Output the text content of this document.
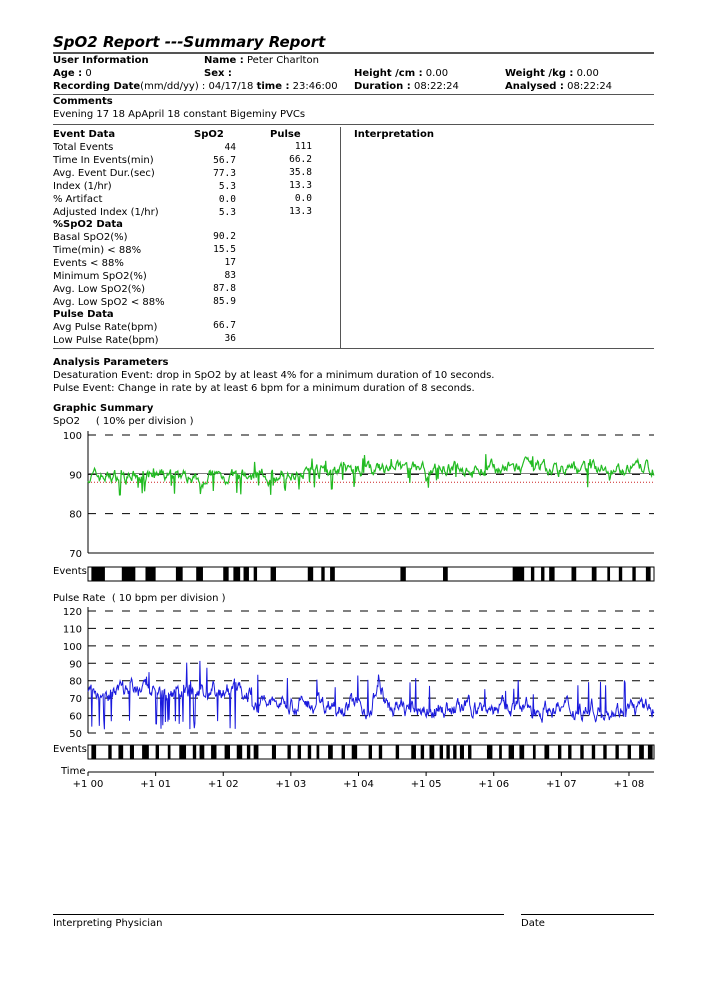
SpO2 Report ---Summary Report
User Information	Name : Peter Charlton
Age : 0	Sex :	Height /cm : 0.00	Weight /kg : 0.00
Recording Date(mm/dd/yy) : 04/17/18 time : 23:46:00 Duration : 08:22:24	Analysed : 08:22:24
Comments
Evening 17 18 ApApril 18 constant Bigeminy PVCs
Event Data	SpO2	Pulse	Interpretation
Total Events	44	111
Time In Events(min)	56.7	66.2
Avg. Event Dur.(sec)	77.3	35.8
Index (1/hr)	5.3	13.3
% Artifact	0.0	0.0
Adjusted Index (1/hr)	5.3	13.3
%SpO2 Data
Basal SpO2(%)	90.2
Time(min) < 88%	15.5
Events < 88%	17
Minimum SpO2(%)	83
Avg. Low SpO2(%)	87.8
Avg. Low SpO2 < 88%	85.9
Pulse Data
Avg Pulse Rate(bpm)	66.7
Low Pulse Rate(bpm)	36
Analysis Parameters
Desaturation Event: drop in SpO2 by at least 4% for a minimum duration of 10 seconds.
Pulse Event: Change in rate by at least 6 bpm for a minimum duration of 8 seconds.
Graphic Summary
SpO2 ( 10% per division )
Pulse Rate ( 10 bpm per division )
100
90
80
70
120
110
100
90
80
70
60
50
+1 00	+1 01	+1 02	+1 03	+1 04	+1 05	+1 06	+1 07	+1 08
Events
Events
Time
Interpreting Physician	Date
